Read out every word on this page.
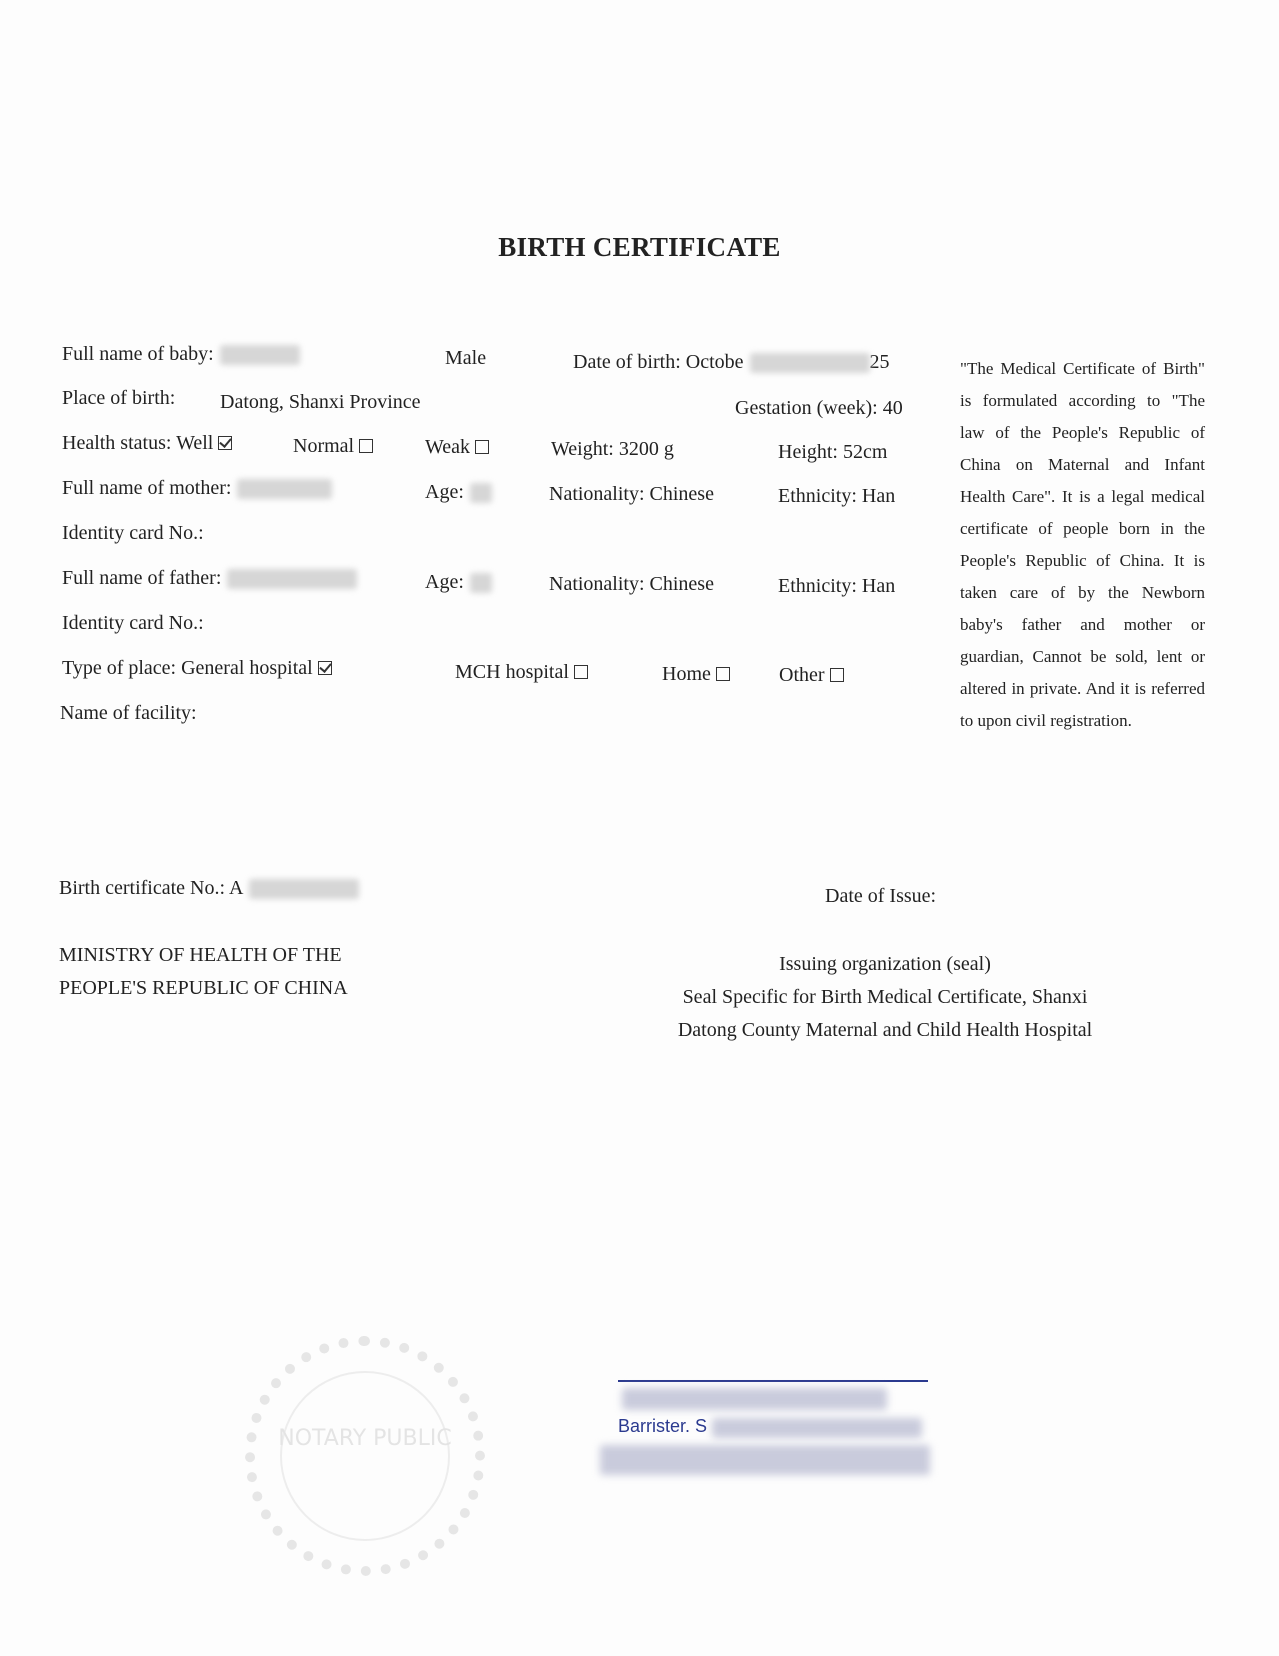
BIRTH CERTIFICATE
Full name of baby:	Male	Date of birth: Octobe	25
Place of birth: Datong, Shanxi Province	Gestation (week): 40
Health status: Well	Normal	Weak	Weight: 3200 g	Height: 52cm
Full name of mother:	Age:	Nationality: Chinese	Ethnicity: Han
Identity card No.:
Full name of father:	Age:	Nationality: Chinese	Ethnicity: Han
Identity card No.:
Type of place: General hospital	MCH hospital	Home	Other
Name of facility:
"The Medical Certificate of Birth" is formulated according to "The law of the People's Republic of China on Maternal and Infant Health Care". It is a legal medical certificate of people born in the People's Republic of China. It is taken care of by the Newborn baby's father and mother or guardian, Cannot be sold, lent or altered in private. And it is referred to upon civil registration.
Birth certificate No.: A	Date of Issue:
MINISTRY OF HEALTH OF THE
PEOPLE'S REPUBLIC OF CHINA
Issuing organization (seal)
Seal Specific for Birth Medical Certificate, Shanxi
Datong County Maternal and Child Health Hospital
NOTARY PUBLIC	Barrister. S
